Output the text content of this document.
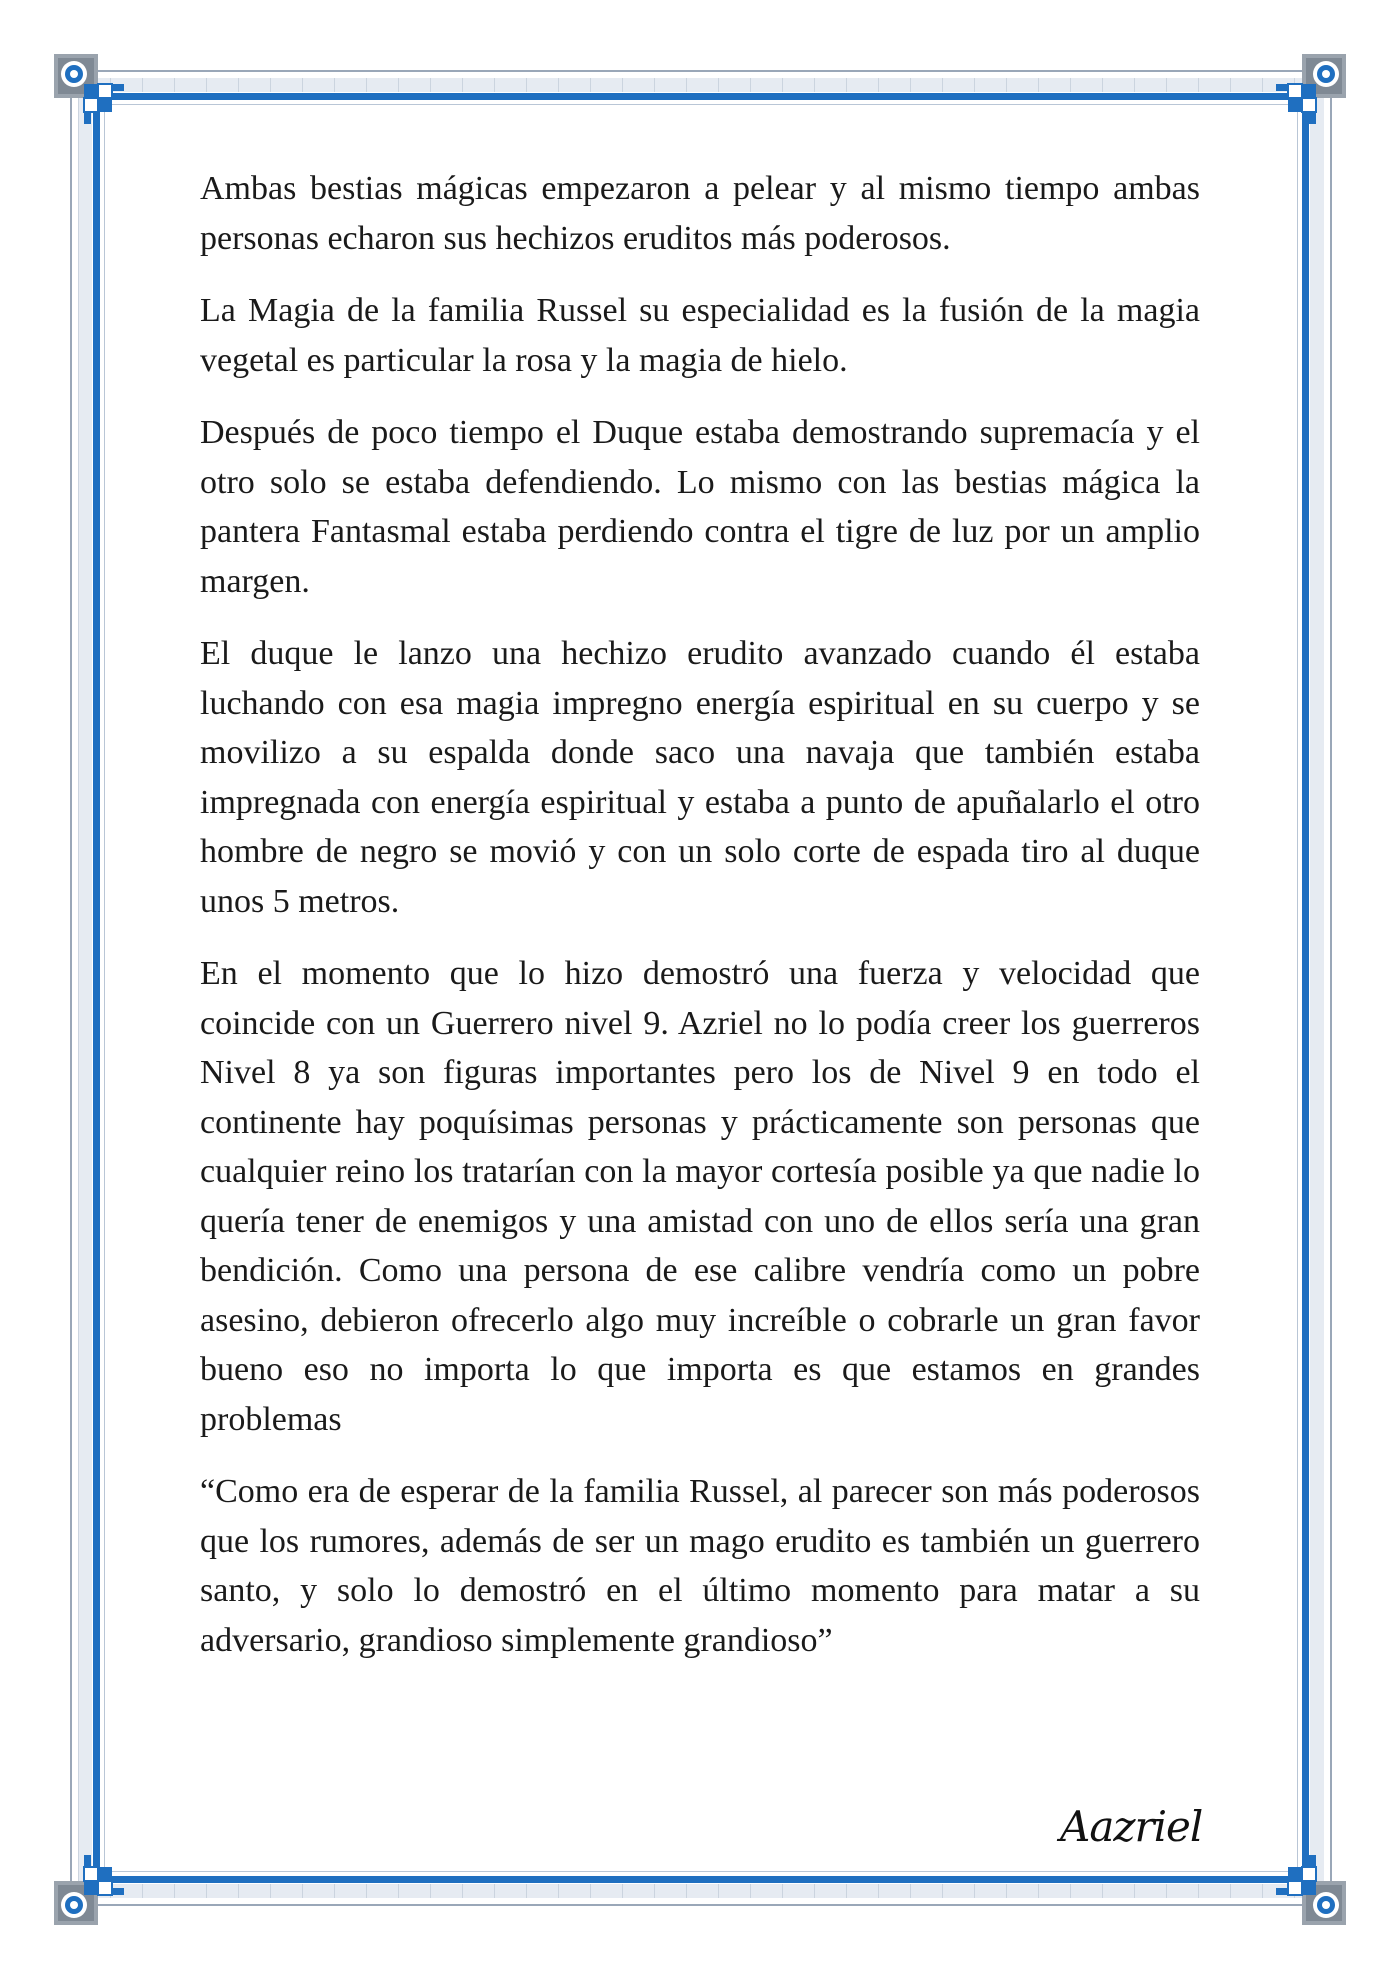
Ambas bestias mágicas empezaron a pelear y al mismo tiempo ambas personas echaron sus hechizos eruditos más poderosos.

La Magia de la familia Russel su especialidad es la fusión de la magia vegetal es particular la rosa y la magia de hielo.

Después de poco tiempo el Duque estaba demostrando supremacía y el otro solo se estaba defendiendo. Lo mismo con las bestias mágica la pantera Fantasmal estaba perdiendo contra el tigre de luz por un amplio margen.

El duque le lanzo una hechizo erudito avanzado cuando él estaba luchando con esa magia impregno energía espiritual en su cuerpo y se movilizo a su espalda donde saco una navaja que también estaba impregnada con energía espiritual y estaba a punto de apuñalarlo el otro hombre de negro se movió y con un solo corte de espada tiro al duque unos 5 metros.

En el momento que lo hizo demostró una fuerza y velocidad que coincide con un Guerrero nivel 9. Azriel no lo podía creer los guerreros Nivel 8 ya son figuras importantes pero los de Nivel 9 en todo el continente hay poquísimas personas y prácticamente son personas que cualquier reino los tratarían con la mayor cortesía posible ya que nadie lo quería tener de enemigos y una amistad con uno de ellos sería una gran bendición. Como una persona de ese calibre vendría como un pobre asesino, debieron ofrecerlo algo muy increíble o cobrarle un gran favor bueno eso no importa lo que importa es que estamos en grandes problemas

“Como era de esperar de la familia Russel, al parecer son más poderosos que los rumores, además de ser un mago erudito es también un guerrero santo, y solo lo demostró en el último momento para matar a su adversario, grandioso simplemente grandioso”

Aazriel
